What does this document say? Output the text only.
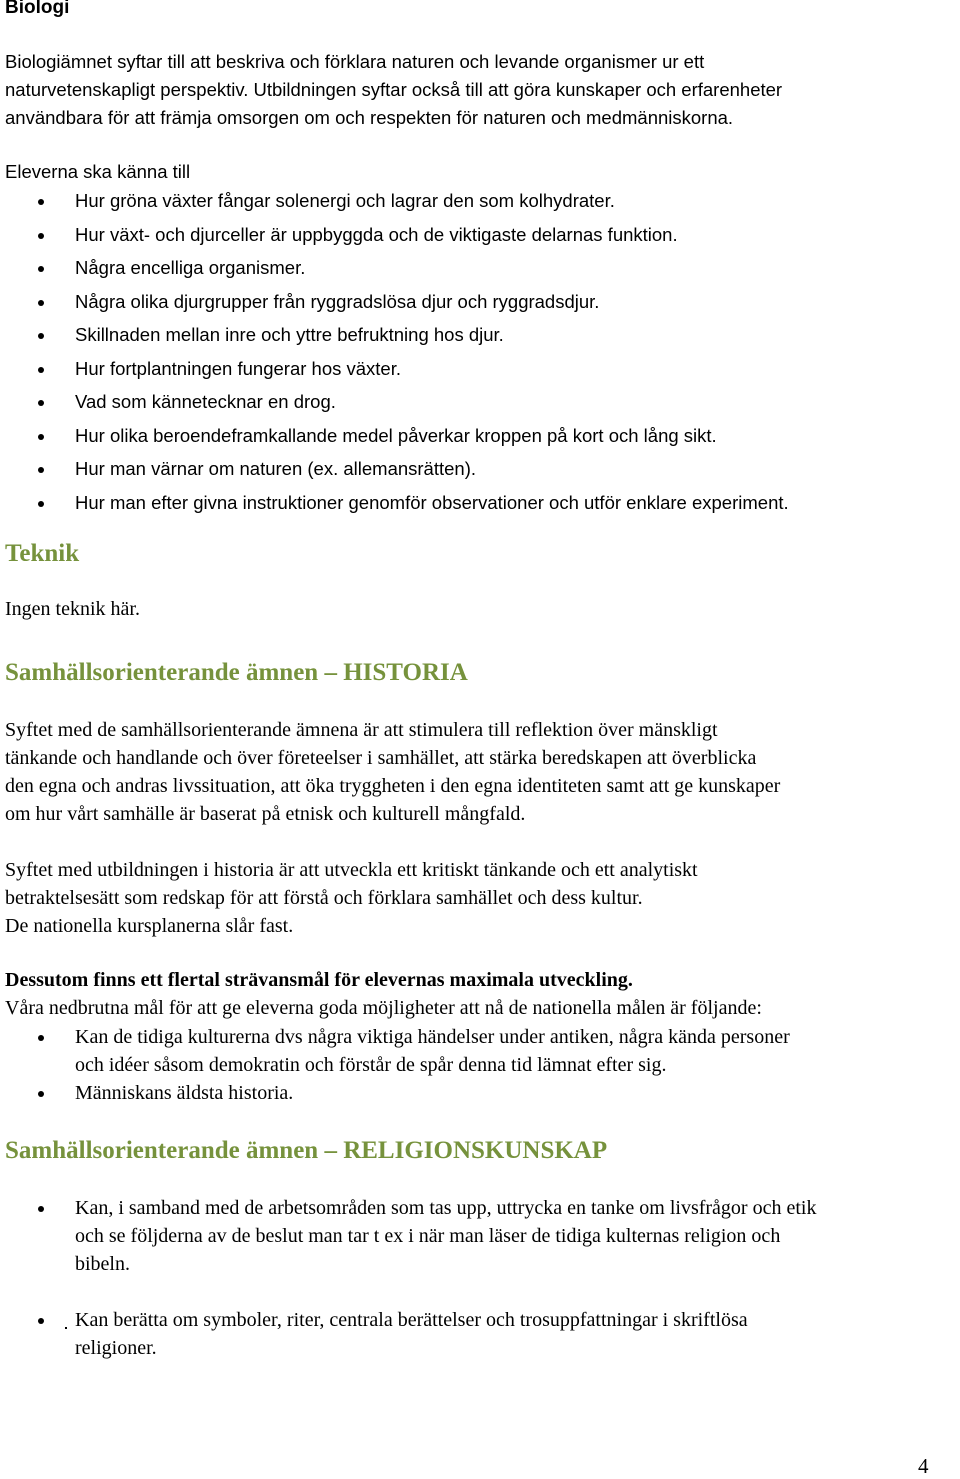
Biologi
Biologiämnet syftar till att beskriva och förklara naturen och levande organismer ur ett
naturvetenskapligt perspektiv. Utbildningen syftar också till att göra kunskaper och erfarenheter
användbara för att främja omsorgen om och respekten för naturen och medmänniskorna.
Eleverna ska känna till
Hur gröna växter fångar solenergi och lagrar den som kolhydrater.
Hur växt- och djurceller är uppbyggda och de viktigaste delarnas funktion.
Några encelliga organismer.
Några olika djurgrupper från ryggradslösa djur och ryggradsdjur.
Skillnaden mellan inre och yttre befruktning hos djur.
Hur fortplantningen fungerar hos växter.
Vad som kännetecknar en drog.
Hur olika beroendeframkallande medel påverkar kroppen på kort och lång sikt.
Hur man värnar om naturen (ex. allemansrätten).
Hur man efter givna instruktioner genomför observationer och utför enklare experiment.
Teknik
Ingen teknik här.
Samhällsorienterande ämnen – HISTORIA
Syftet med de samhällsorienterande ämnena är att stimulera till reflektion över mänskligt
tänkande och handlande och över företeelser i samhället, att stärka beredskapen att överblicka
den egna och andras livssituation, att öka tryggheten i den egna identiteten samt att ge kunskaper
om hur vårt samhälle är baserat på etnisk och kulturell mångfald.
Syftet med utbildningen i historia är att utveckla ett kritiskt tänkande och ett analytiskt
betraktelsesätt som redskap för att förstå och förklara samhället och dess kultur.
De nationella kursplanerna slår fast.
Dessutom finns ett flertal strävansmål för elevernas maximala utveckling.
Våra nedbrutna mål för att ge eleverna goda möjligheter att nå de nationella målen är följande:
Kan de tidiga kulturerna dvs några viktiga händelser under antiken, några kända personer
och idéer såsom demokratin och förstår de spår denna tid lämnat efter sig.
Människans äldsta historia.
Samhällsorienterande ämnen – RELIGIONSKUNSKAP
Kan, i samband med de arbetsområden som tas upp, uttrycka en tanke om livsfrågor och etik
och se följderna av de beslut man tar t ex i när man läser de tidiga kulternas religion och
bibeln.
Kan berätta om symboler, riter, centrala berättelser och trosuppfattningar i skriftlösa
religioner.
4
